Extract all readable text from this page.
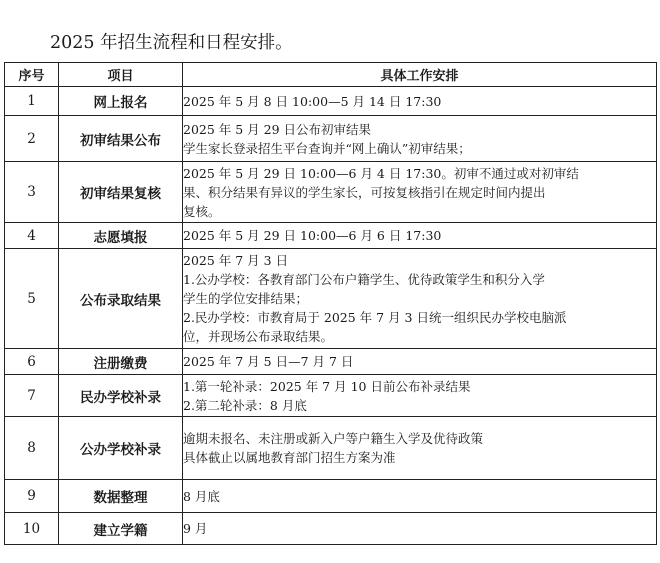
2025 年招生流程和日程安排。
序号	项目	具体工作安排
1	网上报名	2025 年 5 月 8 日 10:00—5 月 14 日 17:30

2	初审结果公布	2025 年 5 月 29 日公布初审结果
学生家长登录招生平台查询并“网上确认”初审结果；

3	初审结果复核	2025 年 5 月 29 日 10:00—6 月 4 日 17:30。初审不通过或对初审结
果、积分结果有异议的学生家长，可按复核指引在规定时间内提出
复核。

4	志愿填报	2025 年 5 月 29 日 10:00—6 月 6 日 17:30

5	公布录取结果	2025 年 7 月 3 日
1.公办学校：各教育部门公布户籍学生、优待政策学生和积分入学
学生的学位安排结果；
2.民办学校：市教育局于 2025 年 7 月 3 日统一组织民办学校电脑派
位，并现场公布录取结果。

6	注册缴费	2025 年 7 月 5 日—7 月 7 日

7	民办学校补录	1.第一轮补录：2025 年 7 月 10 日前公布补录结果
2.第二轮补录：8 月底

8	公办学校补录	逾期未报名、未注册或新入户等户籍生入学及优待政策
具体截止以属地教育部门招生方案为准

9	数据整理	8 月底

10	建立学籍	9 月
